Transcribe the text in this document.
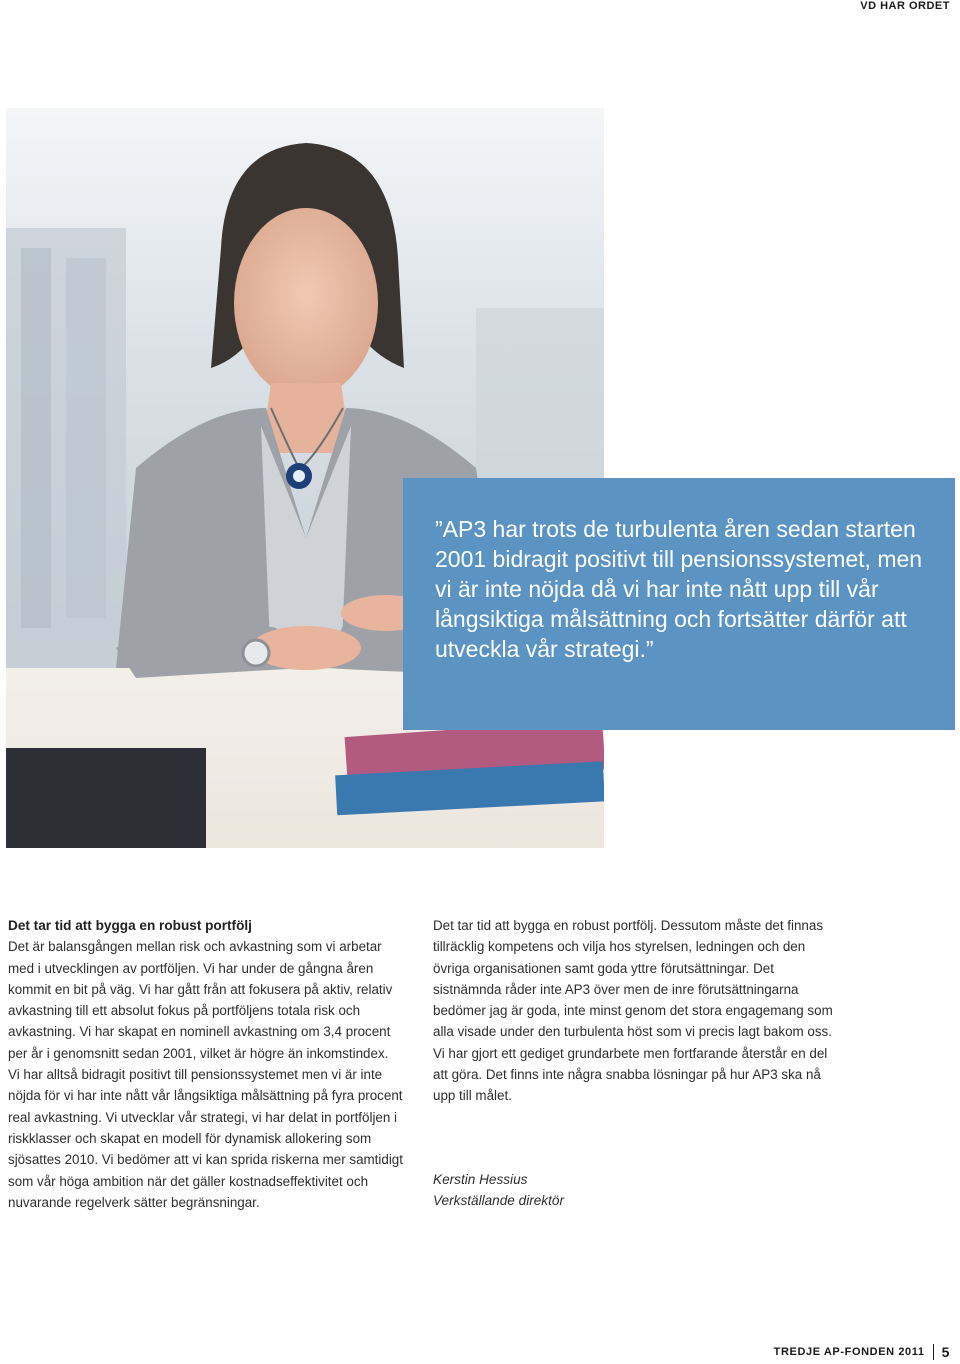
VD HAR ORDET

”AP3 har trots de turbulenta åren sedan starten 2001 bidragit positivt till pensionssystemet, men vi är inte nöjda då vi har inte nått upp till vår långsiktiga målsättning och fortsätter därför att utveckla vår strategi.”

Det tar tid att bygga en robust portfölj

Det är balansgången mellan risk och avkastning som vi arbetar med i utvecklingen av portföljen. Vi har under de gångna åren kommit en bit på väg. Vi har gått från att fokusera på aktiv, relativ avkastning till ett absolut fokus på portföljens totala risk och avkastning. Vi har skapat en nominell avkastning om 3,4 procent per år i genomsnitt sedan 2001, vilket är högre än inkomstindex. Vi har alltså bidragit positivt till pensionssystemet men vi är inte nöjda för vi har inte nått vår långsiktiga målsättning på fyra procent real avkastning. Vi utvecklar vår strategi, vi har delat in portföljen i riskklasser och skapat en modell för dynamisk allokering som sjösattes 2010. Vi bedömer att vi kan sprida riskerna mer samtidigt som vår höga ambition när det gäller kostnadseffektivitet och nuvarande regelverk sätter begränsningar.

Det tar tid att bygga en robust portfölj. Dessutom måste det finnas tillräcklig kompetens och vilja hos styrelsen, ledningen och den övriga organisationen samt goda yttre förutsättningar. Det sistnämnda råder inte AP3 över men de inre förutsättningarna bedömer jag är goda, inte minst genom det stora engagemang som alla visade under den turbulenta höst som vi precis lagt bakom oss. Vi har gjort ett gediget grundarbete men fortfarande återstår en del att göra. Det finns inte några snabba lösningar på hur AP3 ska nå upp till målet.

Kerstin Hessius
Verkställande direktör
TREDJE AP-FONDEN 2011 5
